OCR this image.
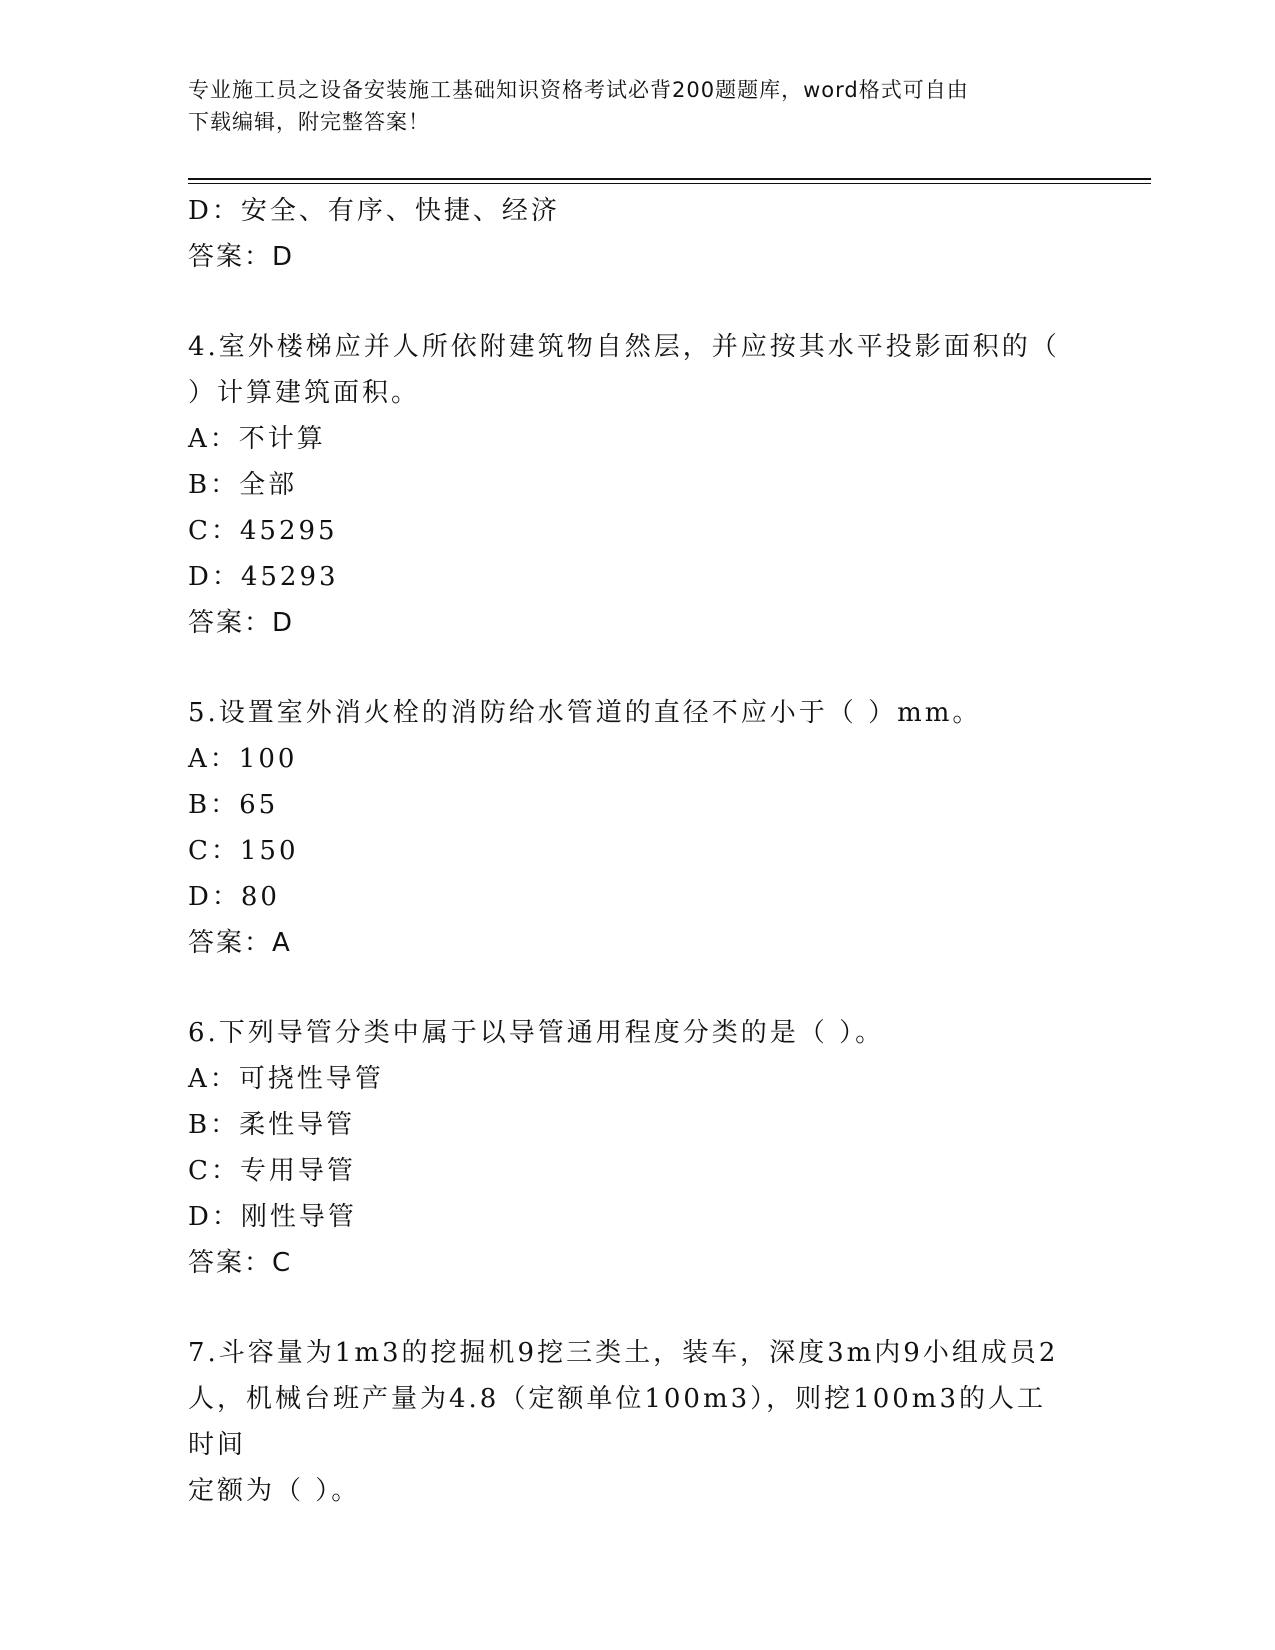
专业施工员之设备安装施工基础知识资格考试必背200题题库，word格式可自由
下载编辑，附完整答案！
D：安全、有序、快捷、经济
答案：D
4.室外楼梯应并人所依附建筑物自然层，并应按其水平投影面积的（
）计算建筑面积。
A：不计算
B：全部
C：45295
D：45293
答案：D
5.设置室外消火栓的消防给水管道的直径不应小于（ ）mm。
A：100
B：65
C：150
D：80
答案：A
6.下列导管分类中属于以导管通用程度分类的是（ ）。
A：可挠性导管
B：柔性导管
C：专用导管
D：刚性导管
答案：C
7.斗容量为1m3的挖掘机9挖三类土，装车，深度3m内9小组成员2
人，机械台班产量为4.8（定额单位100m3），则挖100m3的人工时间
定额为（ ）。
